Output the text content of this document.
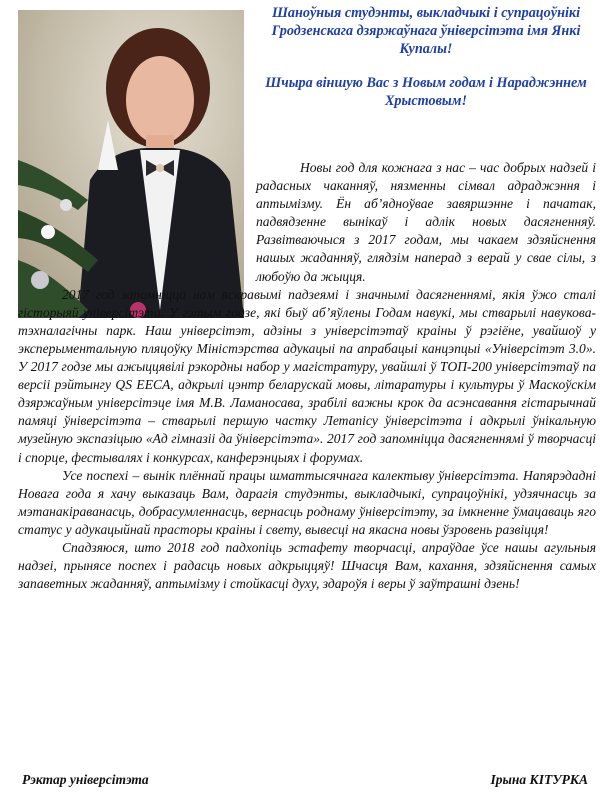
Шаноўныя студэнты, выкладчыкі і супрацоўнікі Гродзенскага дзяржаўнага ўніверсітэта імя Янкі Купалы!

Шчыра віншую Вас з Новым годам і Нараджэннем Хрыстовым!

Новы год для кожнага з нас – час добрых надзей і радасных чаканняў, нязменны сімвал адраджэння і аптымізму. Ён аб’ядноўвае завяршэнне і пачатак, падвядзенне вынікаў і адлік новых дасягненняў. Развітваючыся з 2017 годам, мы чакаем здзяйснення нашых жаданняў, глядзім наперад з верай у свае сілы, з любоўю да жыцця.

2017 год запомніцца нам яскравымі падзеямі і значнымі дасягненнямі, якія ўжо сталі гісторыяй універсітэта. У гэтым годзе, які быў аб’яўлены Годам навукі, мы стварылі навукова-тэхналагічны парк. Наш універсітэт, адзіны з універсітэтаў краіны ў рэгіёне, увайшоў у эксперыментальную пляцоўку Міністэрства адукацыі па апрабацыі канцэпцыі «Універсітэт 3.0». У 2017 годзе мы ажыццявілі рэкордны набор у магістратуру, увайшлі ў ТОП-200 універсітэтаў па версіі рэйтынгу QS EECA, адкрылі цэнтр беларускай мовы, літаратуры і культуры ў Маскоўскім дзяржаўным універсітэце імя М.В. Ламаносава, зрабілі важны крок да асэнсавання гістарычнай памяці ўніверсітэта – стварылі першую частку Летапісу ўніверсітэта і адкрылі ўнікальную музейную экспазіцыю «Ад гімназіі да ўніверсітэта». 2017 год запомніцца дасягненнямі ў творчасці і спорце, фестывалях і конкурсах, канферэнцыях і форумах.

Усе поспехі – вынік плённай працы шматтысячнага калектыву ўніверсітэта. Напярэдадні Новага года я хачу выказаць Вам, дарагія студэнты, выкладчыкі, супрацоўнікі, удзячнасць за мэтанакіраванасць, добрасумленнасць, вернасць роднаму ўніверсітэту, за імкненне ўмацаваць яго статус у адукацыйнай прасторы краіны і свету, вывесці на якасна новы ўзровень развіцця!

Спадзяюся, што 2018 год падхопіць эстафету творчасці, апраўдае ўсе нашы агульныя надзеі, прынясе поспех і радасць новых адкрыццяў! Шчасця Вам, кахання, здзяйснення самых запаветных жаданняў, аптымізму і стойкасці духу, здароўя і веры ў заўтрашні дзень!

Рэктар універсітэта	Ірына КІТУРКА
